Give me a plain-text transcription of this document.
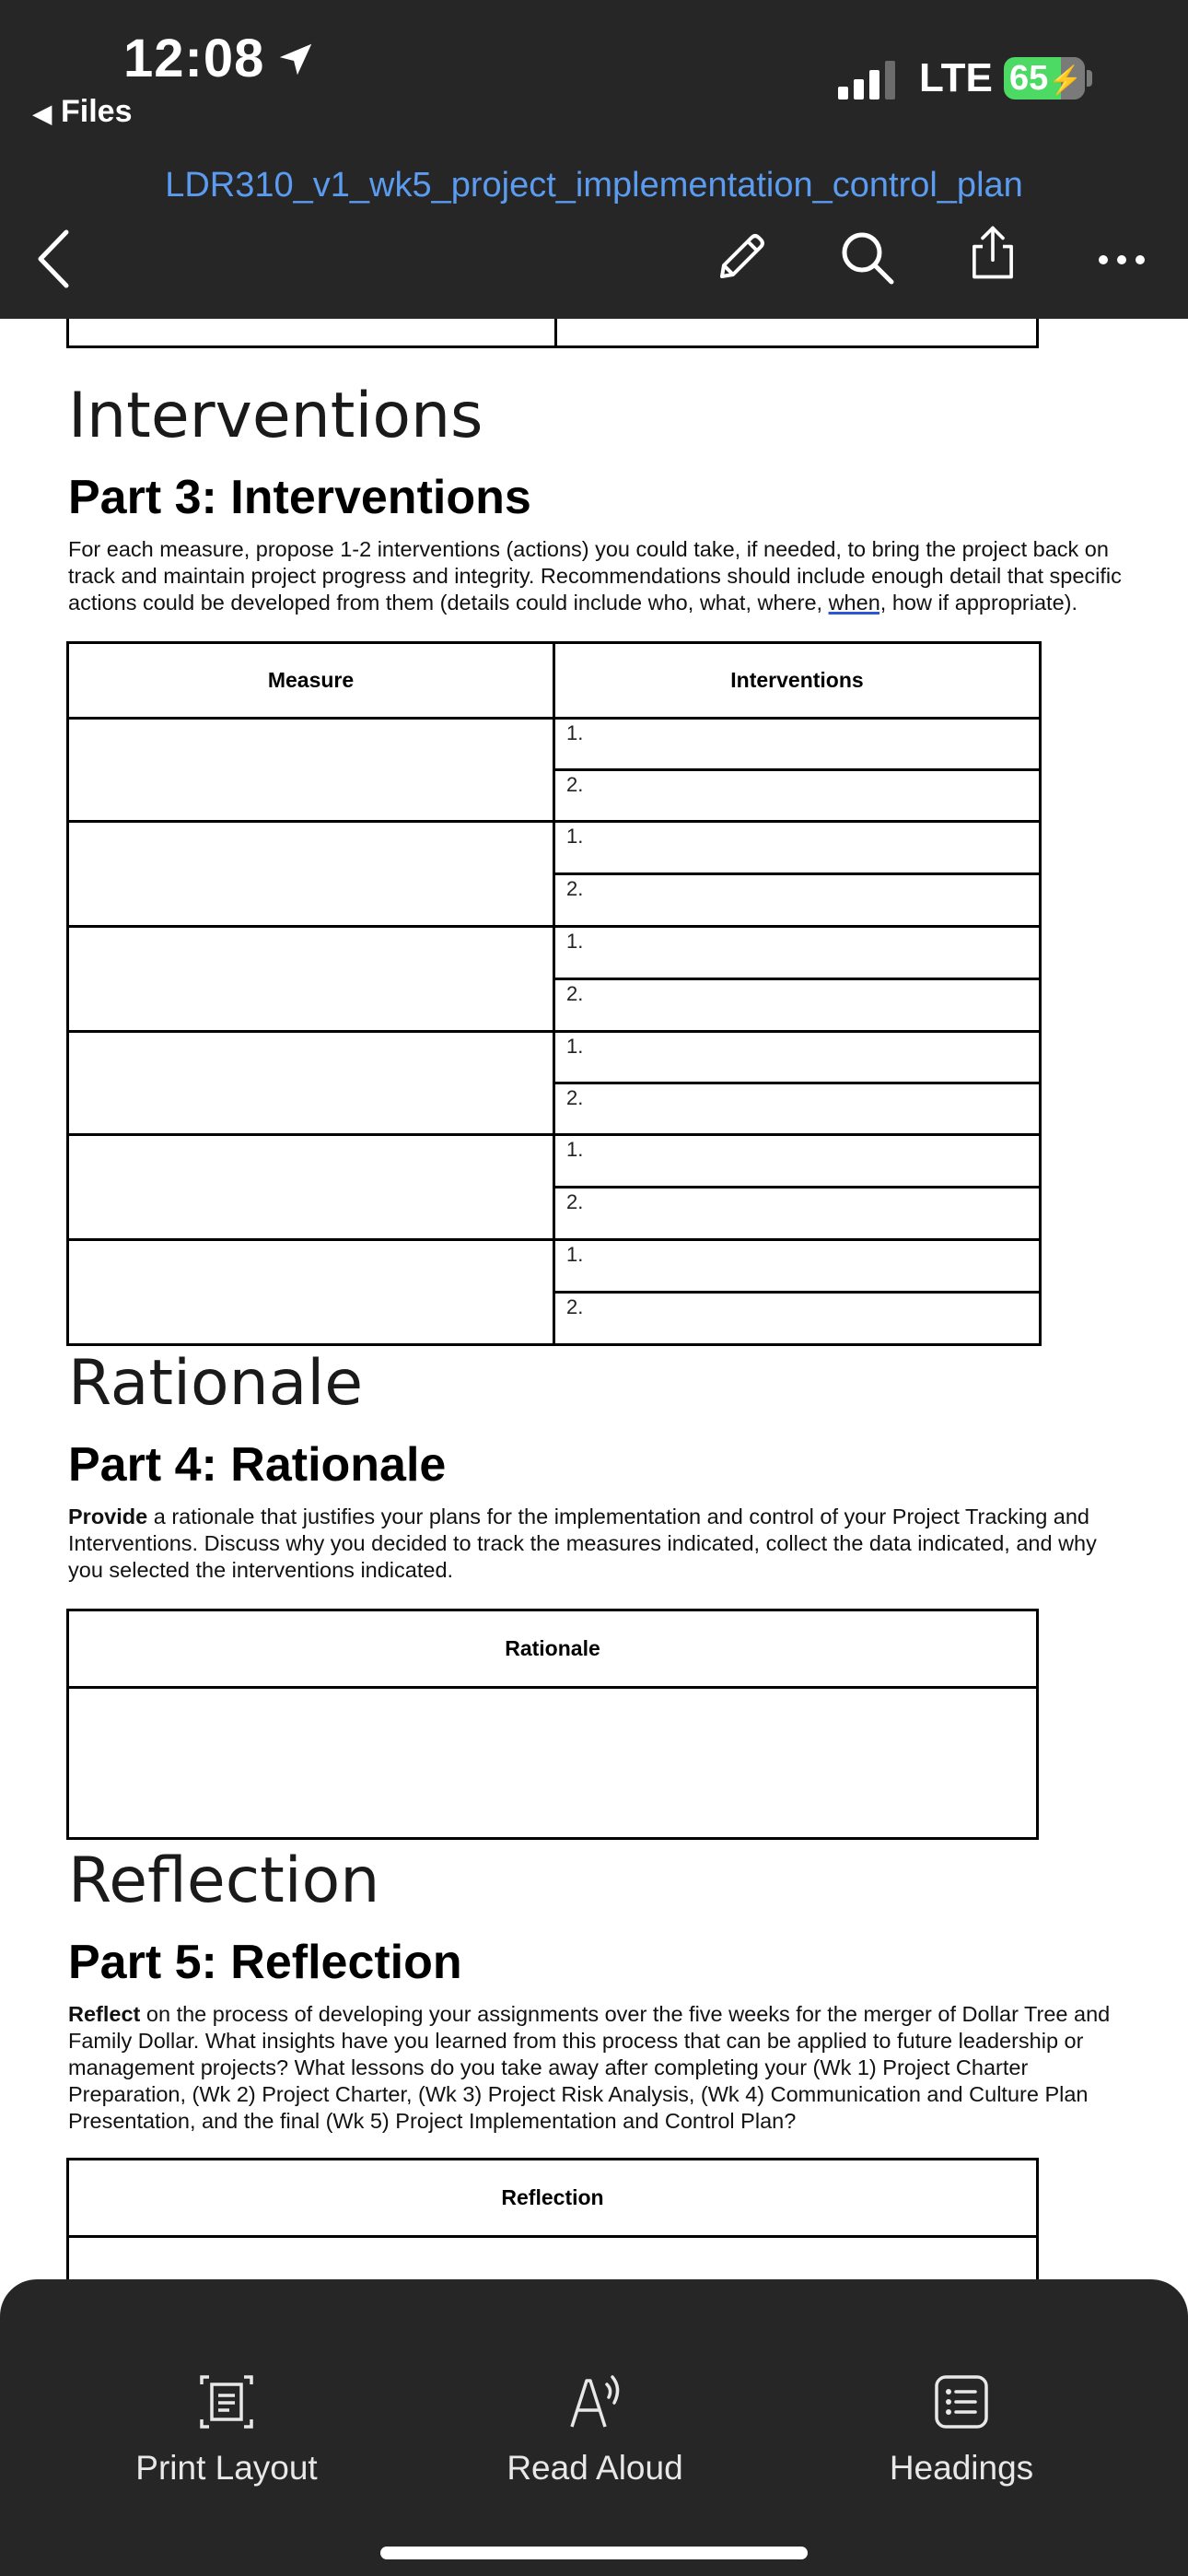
12:08
◀ Files
LTE 65⚡
LDR310_v1_wk5_project_implementation_control_plan
Interventions
Part 3: Interventions
For each measure, propose 1-2 interventions (actions) you could take, if needed, to bring the project back on track and maintain project progress and integrity. Recommendations should include enough detail that specific actions could be developed from them (details could include who, what, where, when, how if appropriate).
Measure	Interventions
	1.
	2.
	1.
	2.
	1.
	2.
	1.
	2.
	1.
	2.
	1.
	2.
Rationale
Part 4: Rationale
Provide a rationale that justifies your plans for the implementation and control of your Project Tracking and Interventions. Discuss why you decided to track the measures indicated, collect the data indicated, and why you selected the interventions indicated.
Rationale

Reflection
Part 5: Reflection
Reflect on the process of developing your assignments over the five weeks for the merger of Dollar Tree and Family Dollar. What insights have you learned from this process that can be applied to future leadership or management projects? What lessons do you take away after completing your (Wk 1) Project Charter Preparation, (Wk 2) Project Charter, (Wk 3) Project Risk Analysis, (Wk 4) Communication and Culture Plan Presentation, and the final (Wk 5) Project Implementation and Control Plan?
Reflection

Print Layout	Read Aloud	Headings
